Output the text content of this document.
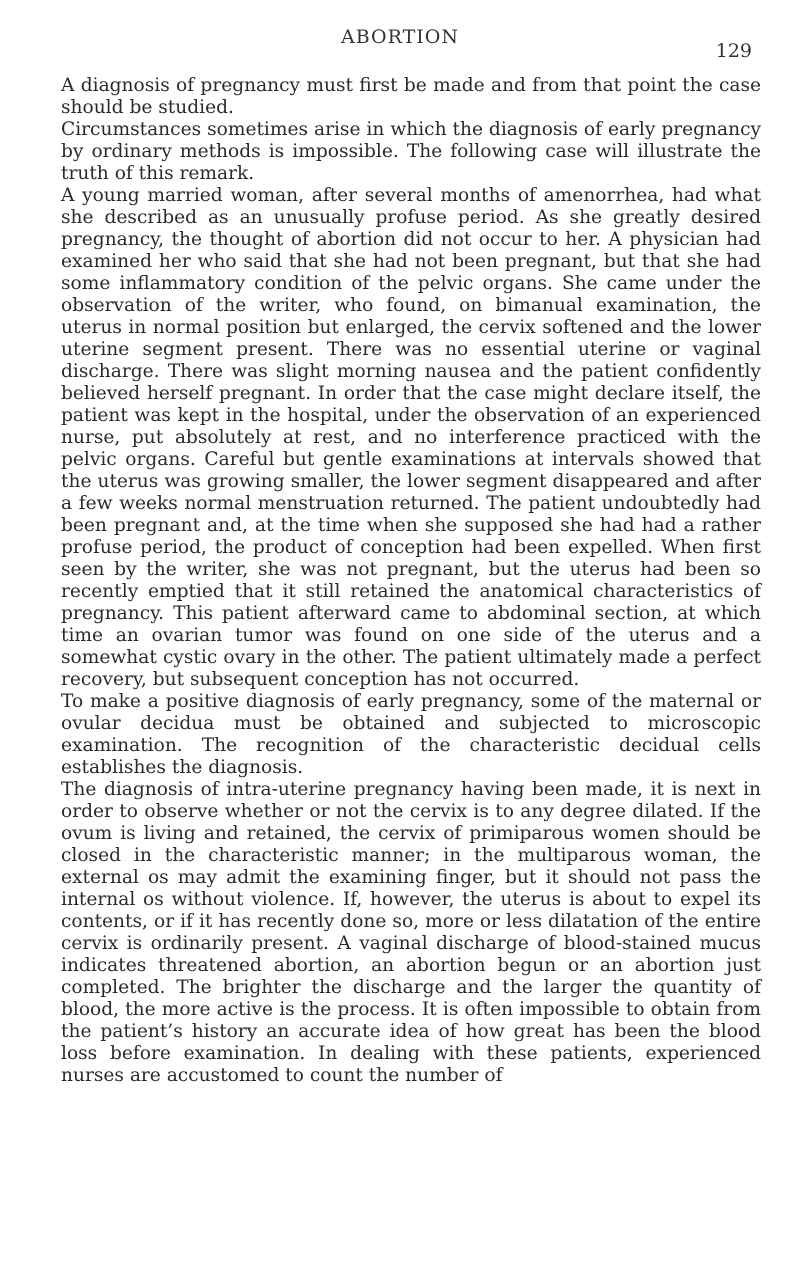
ABORTION
129

A diagnosis of pregnancy must first be made and from that point the case should be studied.

Circumstances sometimes arise in which the diagnosis of early pregnancy by ordinary methods is impossible. The following case will illustrate the truth of this remark.

A young married woman, after several months of amenorrhea, had what she described as an unusually profuse period. As she greatly desired pregnancy, the thought of abortion did not occur to her. A physician had examined her who said that she had not been pregnant, but that she had some inflammatory condition of the pelvic organs. She came under the observation of the writer, who found, on bimanual examination, the uterus in normal position but enlarged, the cervix softened and the lower uterine segment present. There was no essential uterine or vaginal discharge. There was slight morning nausea and the patient confidently believed herself pregnant. In order that the case might declare itself, the patient was kept in the hospital, under the observation of an experienced nurse, put absolutely at rest, and no interference practiced with the pelvic organs. Careful but gentle examinations at intervals showed that the uterus was growing smaller, the lower segment disappeared and after a few weeks normal menstruation returned. The patient undoubtedly had been pregnant and, at the time when she supposed she had had a rather profuse period, the product of conception had been expelled. When first seen by the writer, she was not pregnant, but the uterus had been so recently emptied that it still retained the anatomical characteristics of pregnancy. This patient afterward came to abdominal section, at which time an ovarian tumor was found on one side of the uterus and a somewhat cystic ovary in the other. The patient ultimately made a perfect recovery, but subsequent conception has not occurred.

To make a positive diagnosis of early pregnancy, some of the maternal or ovular decidua must be obtained and subjected to microscopic examination. The recognition of the characteristic decidual cells establishes the diagnosis.

The diagnosis of intra-uterine pregnancy having been made, it is next in order to observe whether or not the cervix is to any degree dilated. If the ovum is living and retained, the cervix of primiparous women should be closed in the characteristic manner; in the multiparous woman, the external os may admit the examining finger, but it should not pass the internal os without violence. If, however, the uterus is about to expel its contents, or if it has recently done so, more or less dilatation of the entire cervix is ordinarily present. A vaginal discharge of blood-stained mucus indicates threatened abortion, an abortion begun or an abortion just completed. The brighter the discharge and the larger the quantity of blood, the more active is the process. It is often impossible to obtain from the patient’s history an accurate idea of how great has been the blood loss before examination. In dealing with these patients, experienced nurses are accustomed to count the number of
